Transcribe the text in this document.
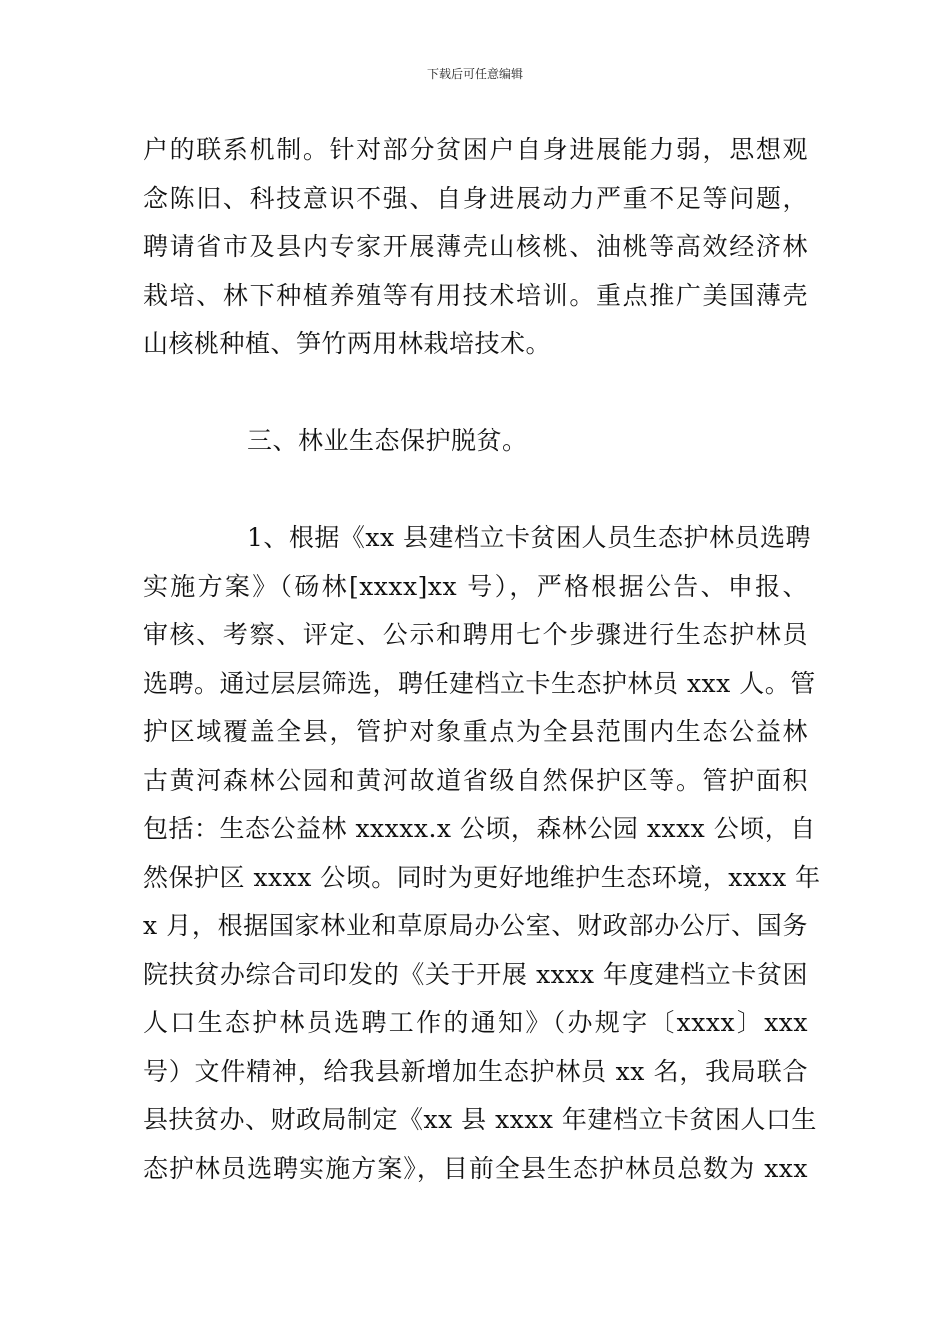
下载后可任意编辑
户的联系机制。针对部分贫困户自身进展能力弱，思想观
念陈旧、科技意识不强、自身进展动力严重不足等问题，
聘请省市及县内专家开展薄壳山核桃、油桃等高效经济林
栽培、林下种植养殖等有用技术培训。重点推广美国薄壳
山核桃种植、笋竹两用林栽培技术。
三、林业生态保护脱贫。
1、根据《xx 县建档立卡贫困人员生态护林员选聘
实施方案》（砀林[xxxx]xx 号），严格根据公告、申报、
审核、考察、评定、公示和聘用七个步骤进行生态护林员
选聘。通过层层筛选，聘任建档立卡生态护林员 xxx 人。管
护区域覆盖全县，管护对象重点为全县范围内生态公益林
古黄河森林公园和黄河故道省级自然保护区等。管护面积
包括：生态公益林 xxxxx.x 公顷，森林公园 xxxx 公顷，自
然保护区 xxxx 公顷。同时为更好地维护生态环境，xxxx 年
x 月，根据国家林业和草原局办公室、财政部办公厅、国务
院扶贫办综合司印发的《关于开展 xxxx 年度建档立卡贫困
人口生态护林员选聘工作的通知》（办规字〔xxxx〕xxx
号）文件精神，给我县新增加生态护林员 xx 名，我局联合
县扶贫办、财政局制定《xx 县 xxxx 年建档立卡贫困人口生
态护林员选聘实施方案》，目前全县生态护林员总数为 xxx
